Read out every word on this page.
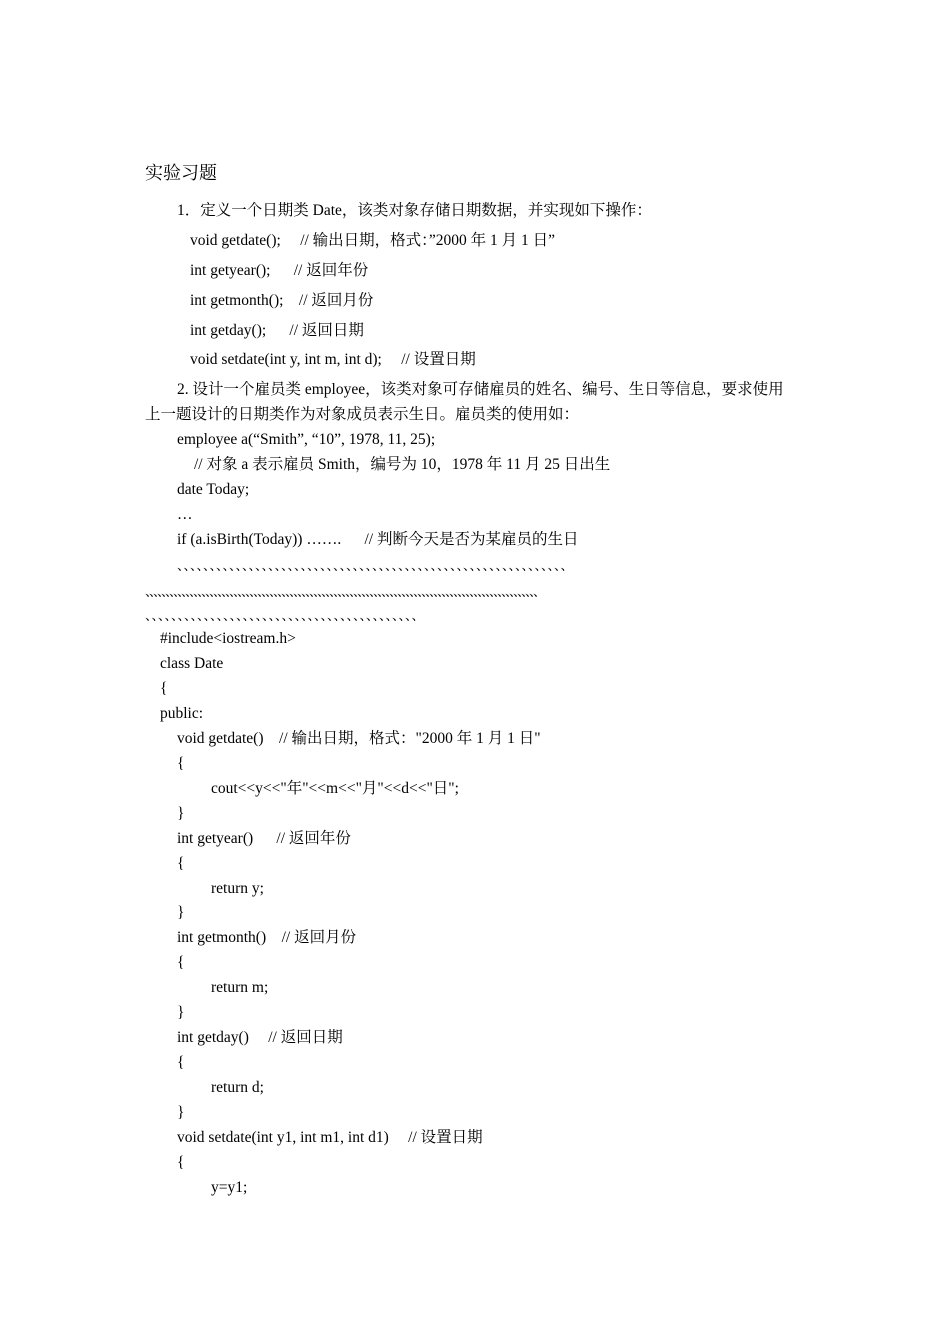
实验习题
1．定义一个日期类 Date，该类对象存储日期数据，并实现如下操作：
void getdate();     // 输出日期，格式：”2000 年 1 月 1 日”
int getyear();      // 返回年份
int getmonth();    // 返回月份
int getday();      // 返回日期
void setdate(int y, int m, int d);     // 设置日期
2. 设计一个雇员类 employee，该类对象可存储雇员的姓名、编号、生日等信息，要求使用
上一题设计的日期类作为对象成员表示生日。雇员类的使用如：
employee a(“Smith”, “10”, 1978, 11, 25);
// 对象 a 表示雇员 Smith，编号为 10，1978 年 11 月 25 日出生
date Today;
…
if (a.isBirth(Today)) …….      // 判断今天是否为某雇员的生日
、、、、、、、、、、、、、、、、、、、、、、、、、、、、、、、、、、、、、、、、、、、、、、、、、、、、、、、、、、、、
、、、、、、、、、、、、、、、、、、、、、、、、、、、、、、、、、、、、、、、、、、、、、、、、、、、、、、、、、、、、、、、、、、、、、、、、、、、、、、、、、、、、、、、、、、、、、、、、、、
、、、、、、、、、、、、、、、、、、、、、、、、、、、、、、、、、、、、、、、、、、
#include<iostream.h>
class Date
{
public:
void getdate()    // 输出日期，格式："2000 年 1 月 1 日"
{
cout<<y<<"年"<<m<<"月"<<d<<"日";
}
int getyear()      // 返回年份
{
return y;
}
int getmonth()    // 返回月份
{
return m;
}
int getday()     // 返回日期
{
return d;
}
void setdate(int y1, int m1, int d1)     // 设置日期
{
y=y1;
